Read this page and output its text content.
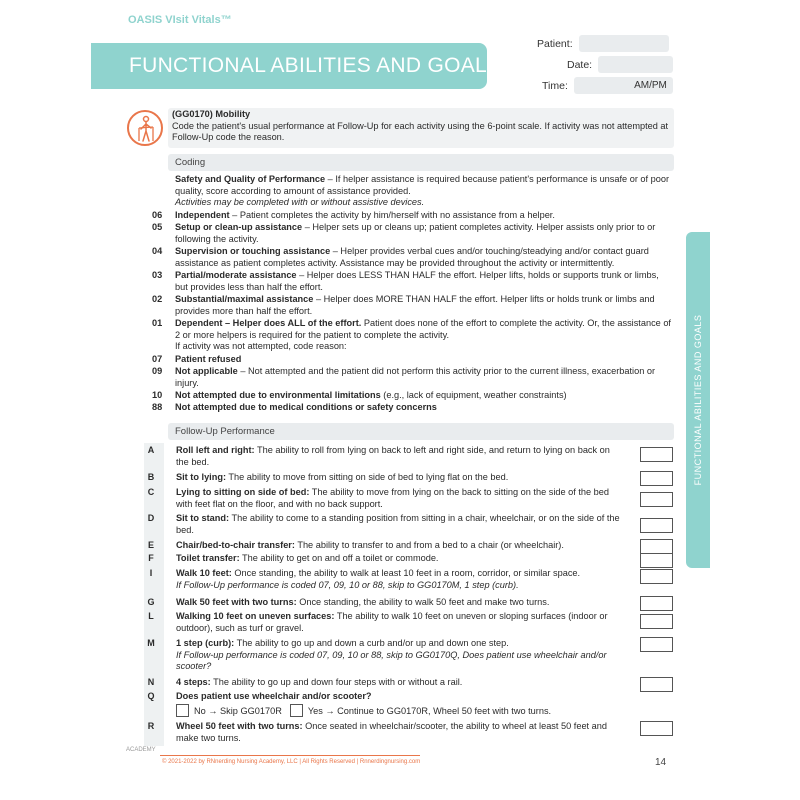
OASIS VIsit Vitals™
FUNCTIONAL ABILITIES AND GOALS
Patient:
Date:
Time:	AM/PM
FUNCTIONAL ABILITIES AND GOALS
(GG0170) Mobility
Code the patient's usual performance at Follow-Up for each activity using the 6-point scale. If activity was not attempted at Follow-Up code the reason.
Coding
Safety and Quality of Performance – If helper assistance is required because patient's performance is unsafe or of poor quality, score according to amount of assistance provided.
Activities may be completed with or without assistive devices.
06	Independent – Patient completes the activity by him/herself with no assistance from a helper.
05	Setup or clean-up assistance – Helper sets up or cleans up; patient completes activity. Helper assists only prior to or following the activity.
04	Supervision or touching assistance – Helper provides verbal cues and/or touching/steadying and/or contact guard assistance as patient completes activity. Assistance may be provided throughout the activity or intermittently.
03	Partial/moderate assistance – Helper does LESS THAN HALF the effort. Helper lifts, holds or supports trunk or limbs, but provides less than half the effort.
02	Substantial/maximal assistance – Helper does MORE THAN HALF the effort. Helper lifts or holds trunk or limbs and provides more than half the effort.
01	Dependent – Helper does ALL of the effort. Patient does none of the effort to complete the activity. Or, the assistance of 2 or more helpers is required for the patient to complete the activity.
If activity was not attempted, code reason:
07	Patient refused
09	Not applicable – Not attempted and the patient did not perform this activity prior to the current illness, exacerbation or injury.
10	Not attempted due to environmental limitations (e.g., lack of equipment, weather constraints)
88	Not attempted due to medical conditions or safety concerns
Follow-Up Performance
A Roll left and right: The ability to roll from lying on back to left and right side, and return to lying on back on the bed.
B Sit to lying: The ability to move from sitting on side of bed to lying flat on the bed.
C Lying to sitting on side of bed: The ability to move from lying on the back to sitting on the side of the bed with feet flat on the floor, and with no back support.
D Sit to stand: The ability to come to a standing position from sitting in a chair, wheelchair, or on the side of the bed.
E Chair/bed-to-chair transfer: The ability to transfer to and from a bed to a chair (or wheelchair).
F Toilet transfer: The ability to get on and off a toilet or commode.
I	Walk 10 feet: Once standing, the ability to walk at least 10 feet in a room, corridor, or similar space.
If Follow-Up performance is coded 07, 09, 10 or 88, skip to GG0170M, 1 step (curb).
G Walk 50 feet with two turns: Once standing, the ability to walk 50 feet and make two turns.
L Walking 10 feet on uneven surfaces: The ability to walk 10 feet on uneven or sloping surfaces (indoor or outdoor), such as turf or gravel.
M 1 step (curb): The ability to go up and down a curb and/or up and down one step.
If Follow-up performance is coded 07, 09, 10 or 88, skip to GG0170Q, Does patient use wheelchair and/or scooter?
N 4 steps: The ability to go up and down four steps with or without a rail.
Q Does patient use wheelchair and/or scooter?
No → Skip GG0170R	Yes → Continue to GG0170R, Wheel 50 feet with two turns.
R Wheel 50 feet with two turns: Once seated in wheelchair/scooter, the ability to wheel at least 50 feet and make two turns.
ACADEMY
© 2021-2022 by RNnerding Nursing Academy, LLC | All Rights Reserved | Rnnerdingnursing.com	14
